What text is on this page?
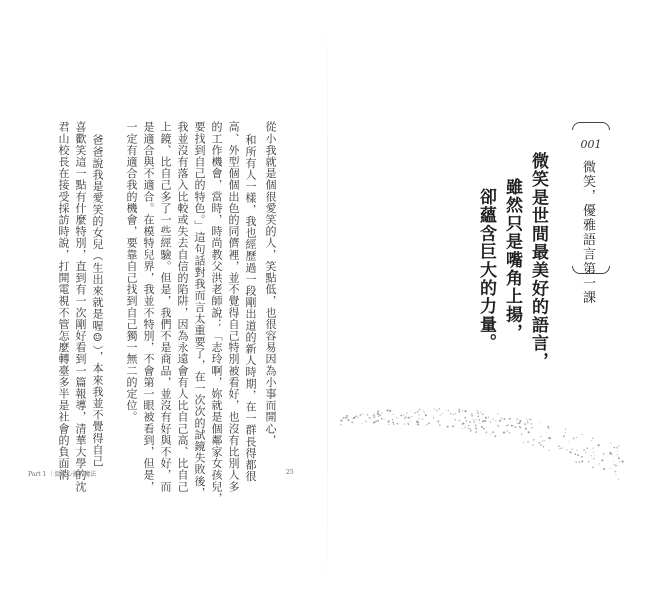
001
微笑，優雅語言第一課
微笑是世間最美好的語言，
雖然只是嘴角上揚，
卻蘊含巨大的力量。
從小我就是個很愛笑的人，笑點低，也很容易因為小事而開心，
和所有人一樣，我也經歷過一段剛出道的新人時期，在一群長得都很
高、外型個個出色的同儕裡，並不覺得自己特別被看好，也沒有比別人多
的工作機會，當時，時尚教父洪老師說：「志玲啊，妳就是個鄰家女孩兒，
要找到自己的特色。」這句話對我而言太重要了，在一次次的試鏡失敗後，
我並沒有落入比較或失去自信的陷阱，因為永遠會有人比自己高、比自己
上鏡、比自己多了一些經驗。但是，我們不是商品，並沒有好與不好，而
是適合與不適合。在模特兒界，我並不特別，不會第一眼被看到，但是，
一定有適合我的機會，要靠自己找到自己獨一無二的定位。
爸爸說我是愛笑的女兒（生出來就是喔☺），本來我並不覺得自己
喜歡笑這一點有什麼特別，直到有一次剛好看到一篇報導，清華大學的沈
君山校長在接受採訪時說，打開電視不管怎麼轉臺多半是社會的負面消
Part 1 ｜溫暖心靈的魔法	25
